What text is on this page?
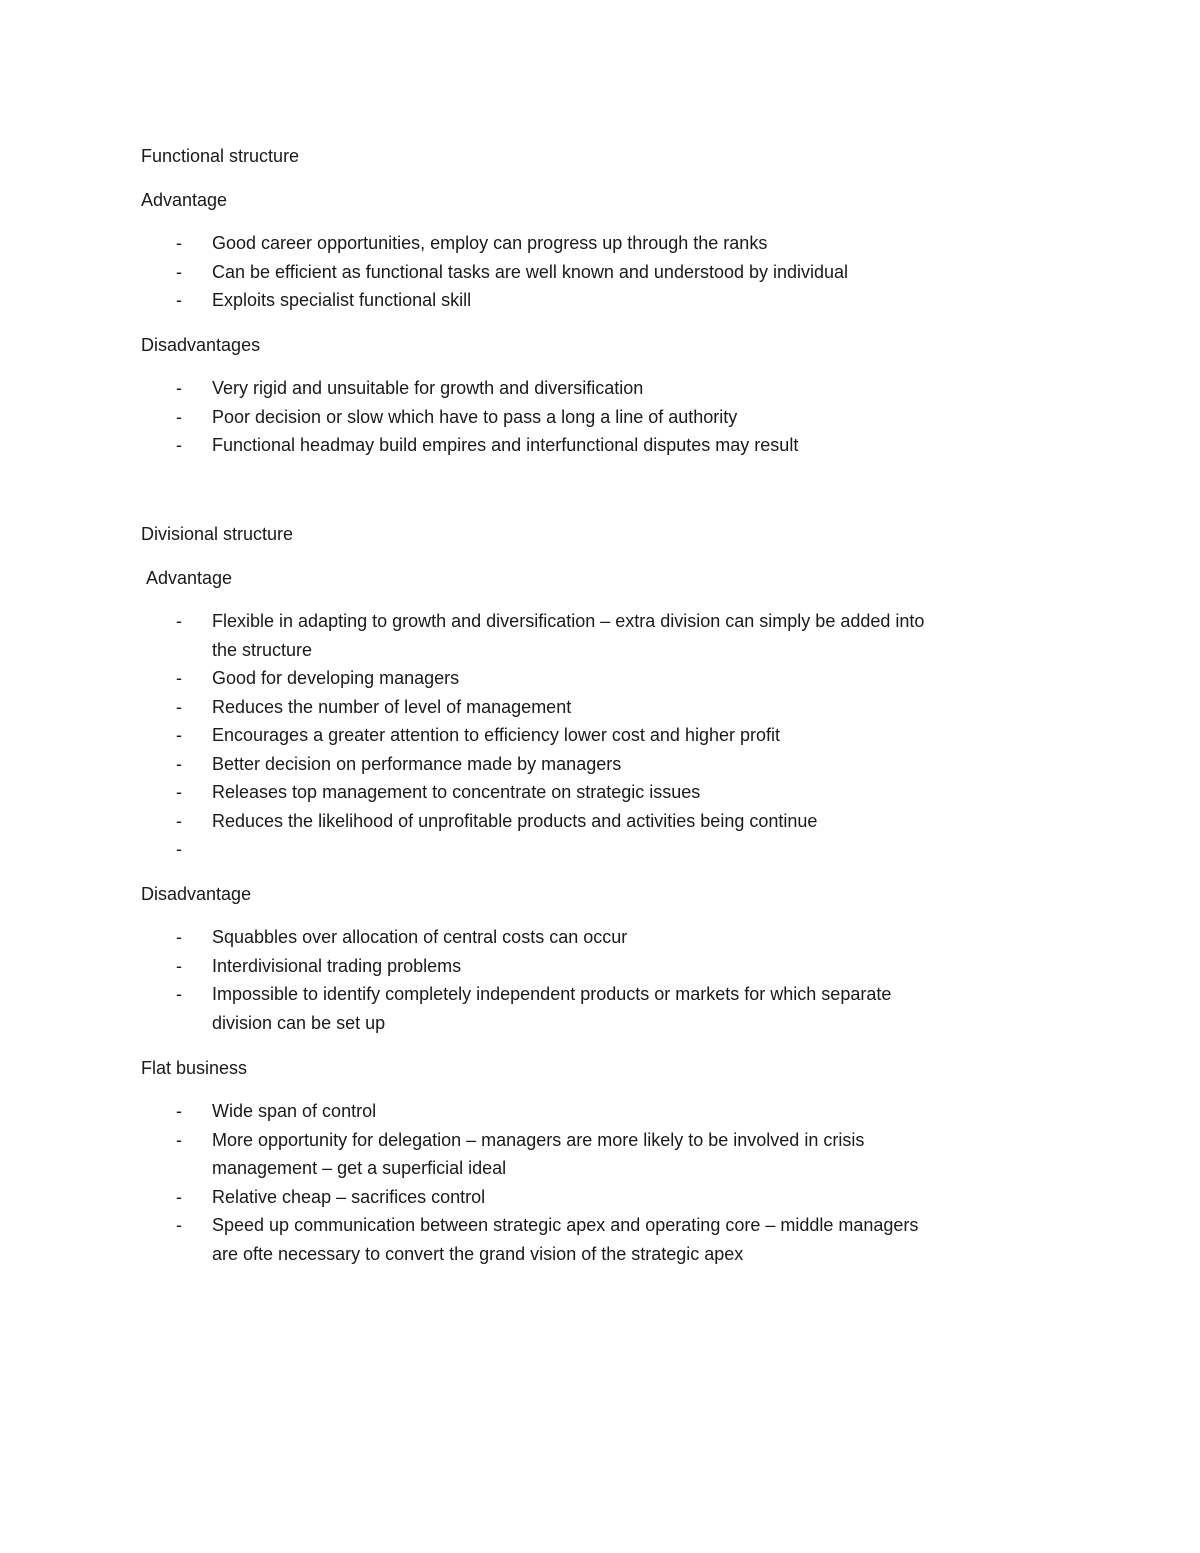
Functional structure
Advantage
-	Good career opportunities, employ can progress up through the ranks
-	Can be efficient as functional tasks are well known and understood by individual
-	Exploits specialist functional skill
Disadvantages
-	Very rigid and unsuitable for growth and diversification
-	Poor decision or slow which have to pass a long a line of authority
-	Functional headmay build empires and interfunctional disputes may result
Divisional structure
Advantage
-	Flexible in adapting to growth and diversification – extra division can simply be added into the structure
-	Good for developing managers
-	Reduces the number of level of management
-	Encourages a greater attention to efficiency lower cost and higher profit
-	Better decision on performance made by managers
-	Releases top management to concentrate on strategic issues
-	Reduces the likelihood of unprofitable products and activities being continue
-
Disadvantage
-	Squabbles over allocation of central costs can occur
-	Interdivisional trading problems
-	Impossible to identify completely independent products or markets for which separate division can be set up
Flat business
-	Wide span of control
-	More opportunity for delegation – managers are more likely to be involved in crisis management – get a superficial ideal
-	Relative cheap – sacrifices control
-	Speed up communication between strategic apex and operating core – middle managers are ofte necessary to convert the grand vision of the strategic apex
